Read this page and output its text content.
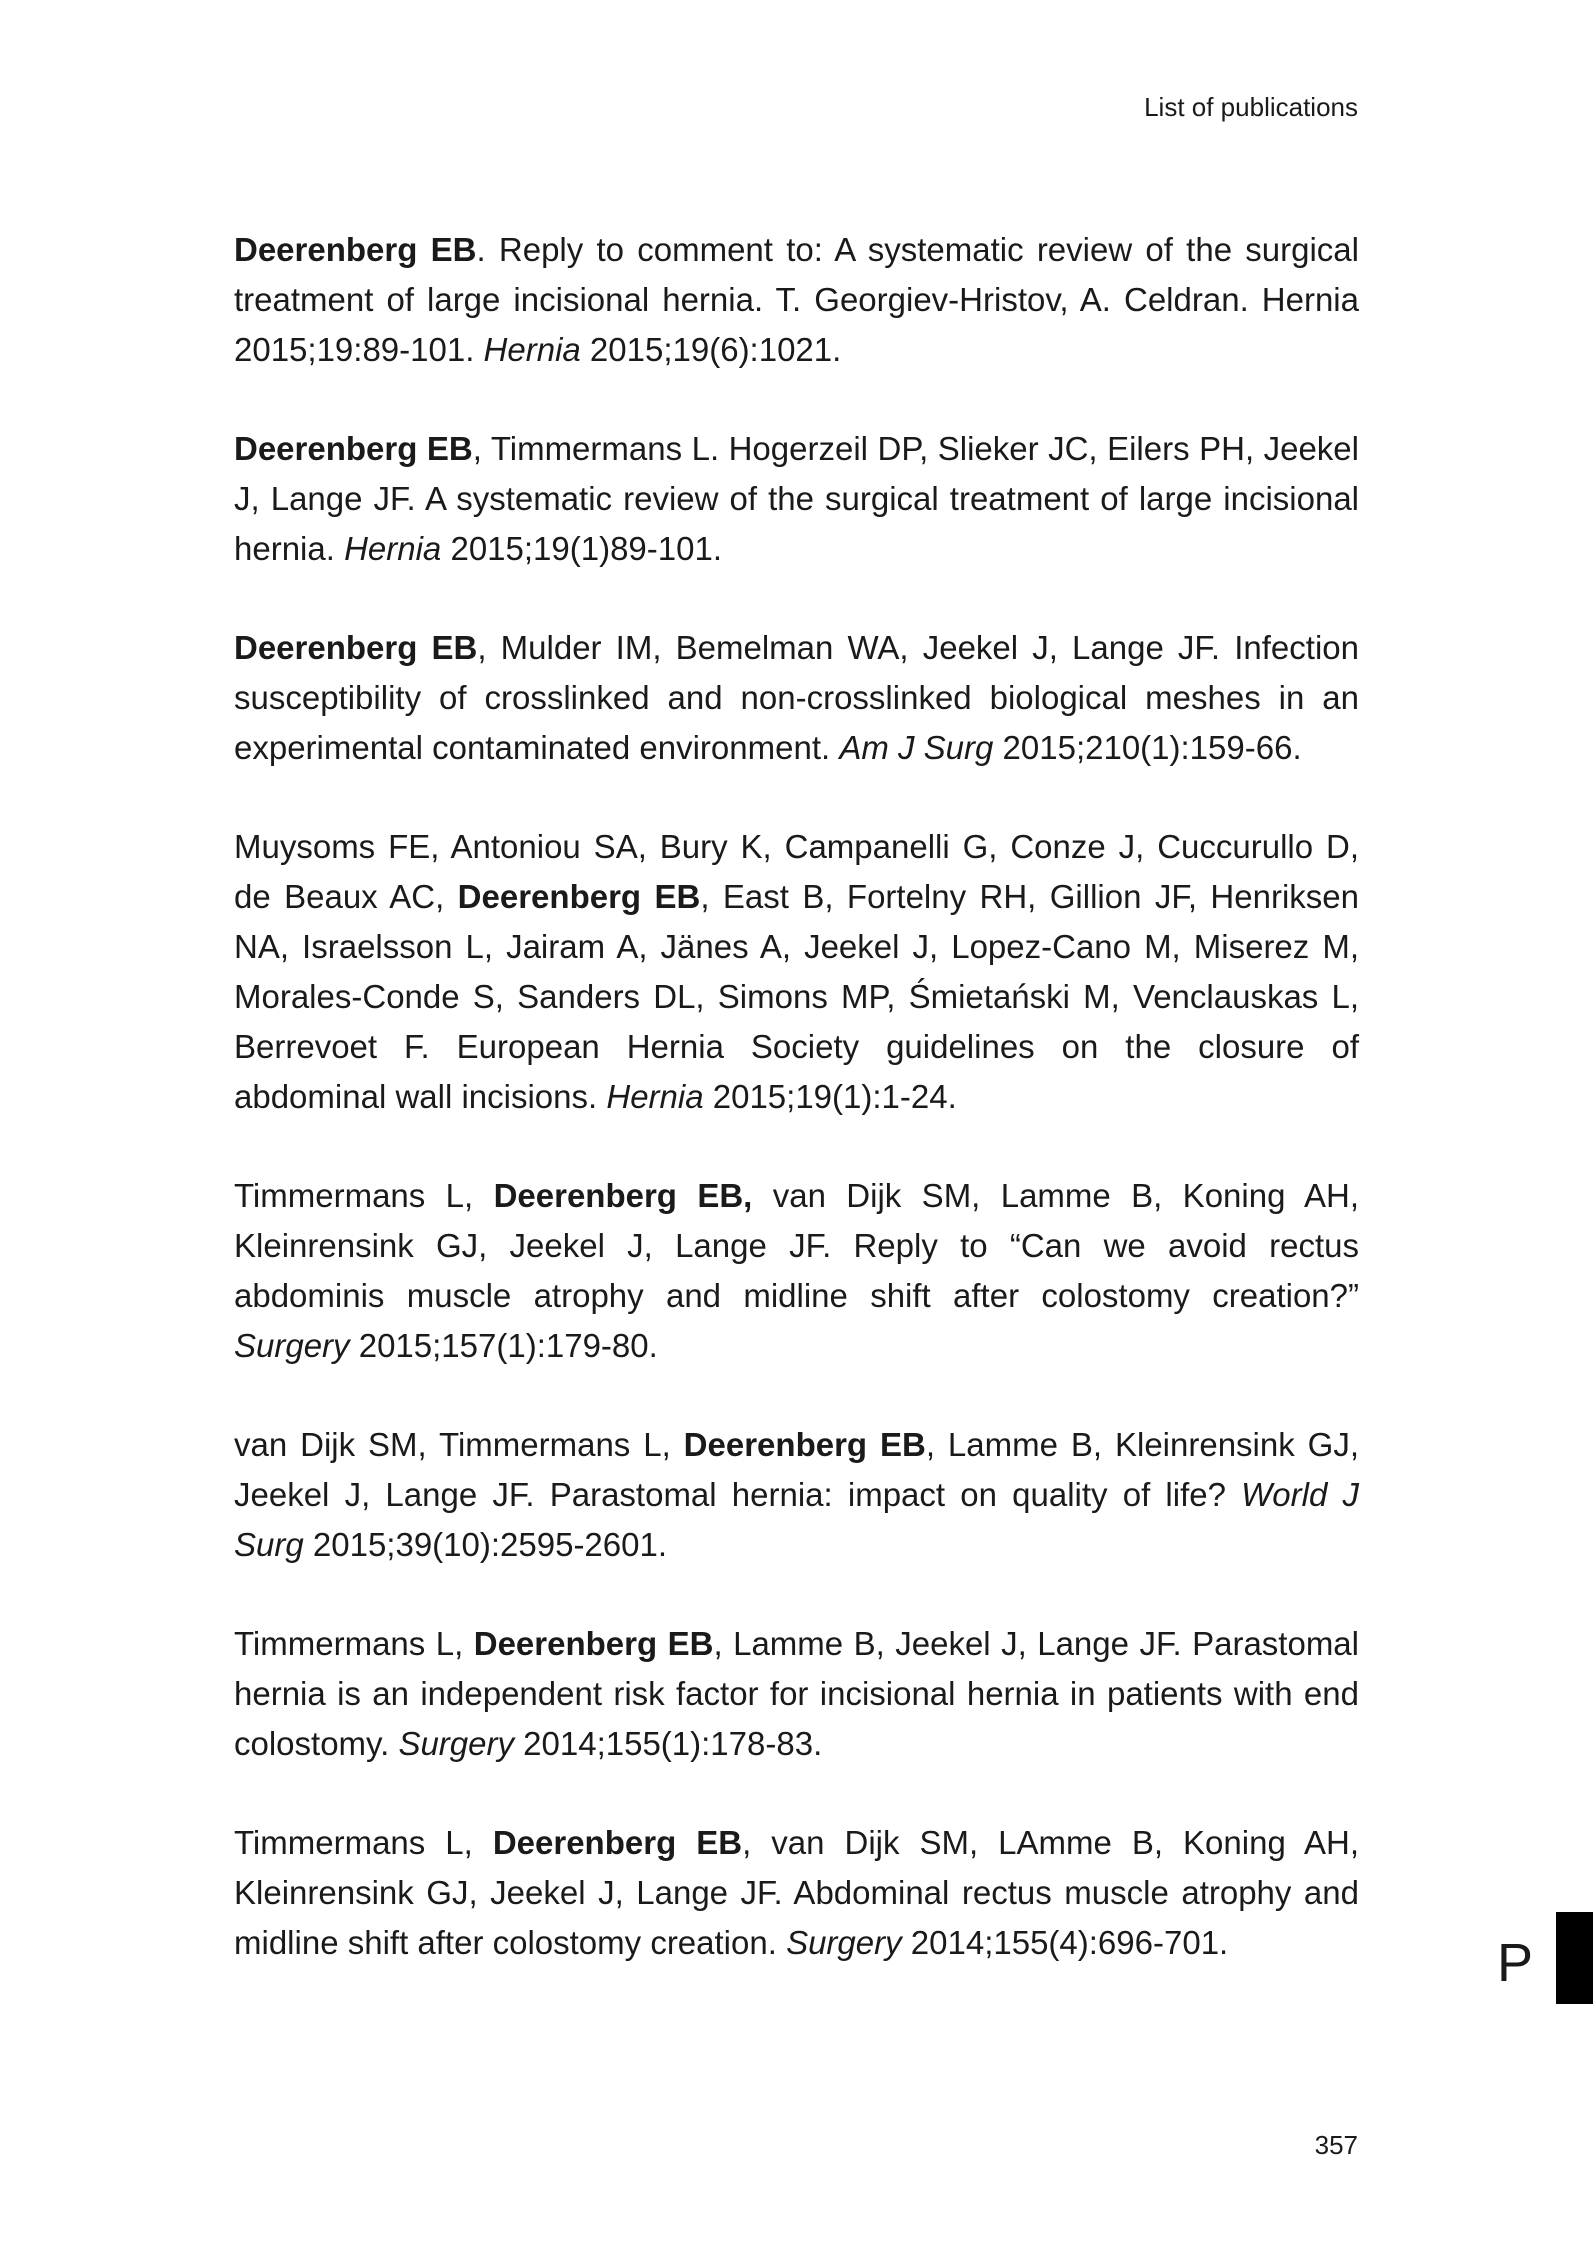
List of publications

Deerenberg EB. Reply to comment to: A systematic review of the surgical treatment of large incisional hernia. T. Georgiev-Hristov, A. Celdran. Hernia 2015;19:89-101. Hernia 2015;19(6):1021.

Deerenberg EB, Timmermans L. Hogerzeil DP, Slieker JC, Eilers PH, Jeekel J, Lange JF. A systematic review of the surgical treatment of large incisional hernia. Hernia 2015;19(1)89-101.

Deerenberg EB, Mulder IM, Bemelman WA, Jeekel J, Lange JF. Infection susceptibility of crosslinked and non-crosslinked biological meshes in an experimental contaminated environment. Am J Surg 2015;210(1):159-66.

Muysoms FE, Antoniou SA, Bury K, Campanelli G, Conze J, Cuccurullo D, de Beaux AC, Deerenberg EB, East B, Fortelny RH, Gillion JF, Henriksen NA, Israelsson L, Jairam A, Jänes A, Jeekel J, Lopez-Cano M, Miserez M, Morales-Conde S, Sanders DL, Simons MP, Śmietański M, Venclauskas L, Berrevoet F. European Hernia Society guidelines on the closure of abdominal wall incisions. Hernia 2015;19(1):1-24.

Timmermans L, Deerenberg EB, van Dijk SM, Lamme B, Koning AH, Kleinrensink GJ, Jeekel J, Lange JF. Reply to “Can we avoid rectus abdominis muscle atrophy and midline shift after colostomy creation?” Surgery 2015;157(1):179-80.

van Dijk SM, Timmermans L, Deerenberg EB, Lamme B, Kleinrensink GJ, Jeekel J, Lange JF. Parastomal hernia: impact on quality of life? World J Surg 2015;39(10):2595-2601.

Timmermans L, Deerenberg EB, Lamme B, Jeekel J, Lange JF. Parastomal hernia is an independent risk factor for incisional hernia in patients with end colostomy. Surgery 2014;155(1):178-83.

Timmermans L, Deerenberg EB, van Dijk SM, LAmme B, Koning AH, Kleinrensink GJ, Jeekel J, Lange JF. Abdominal rectus muscle atrophy and midline shift after colostomy creation. Surgery 2014;155(4):696-701.	P
357
